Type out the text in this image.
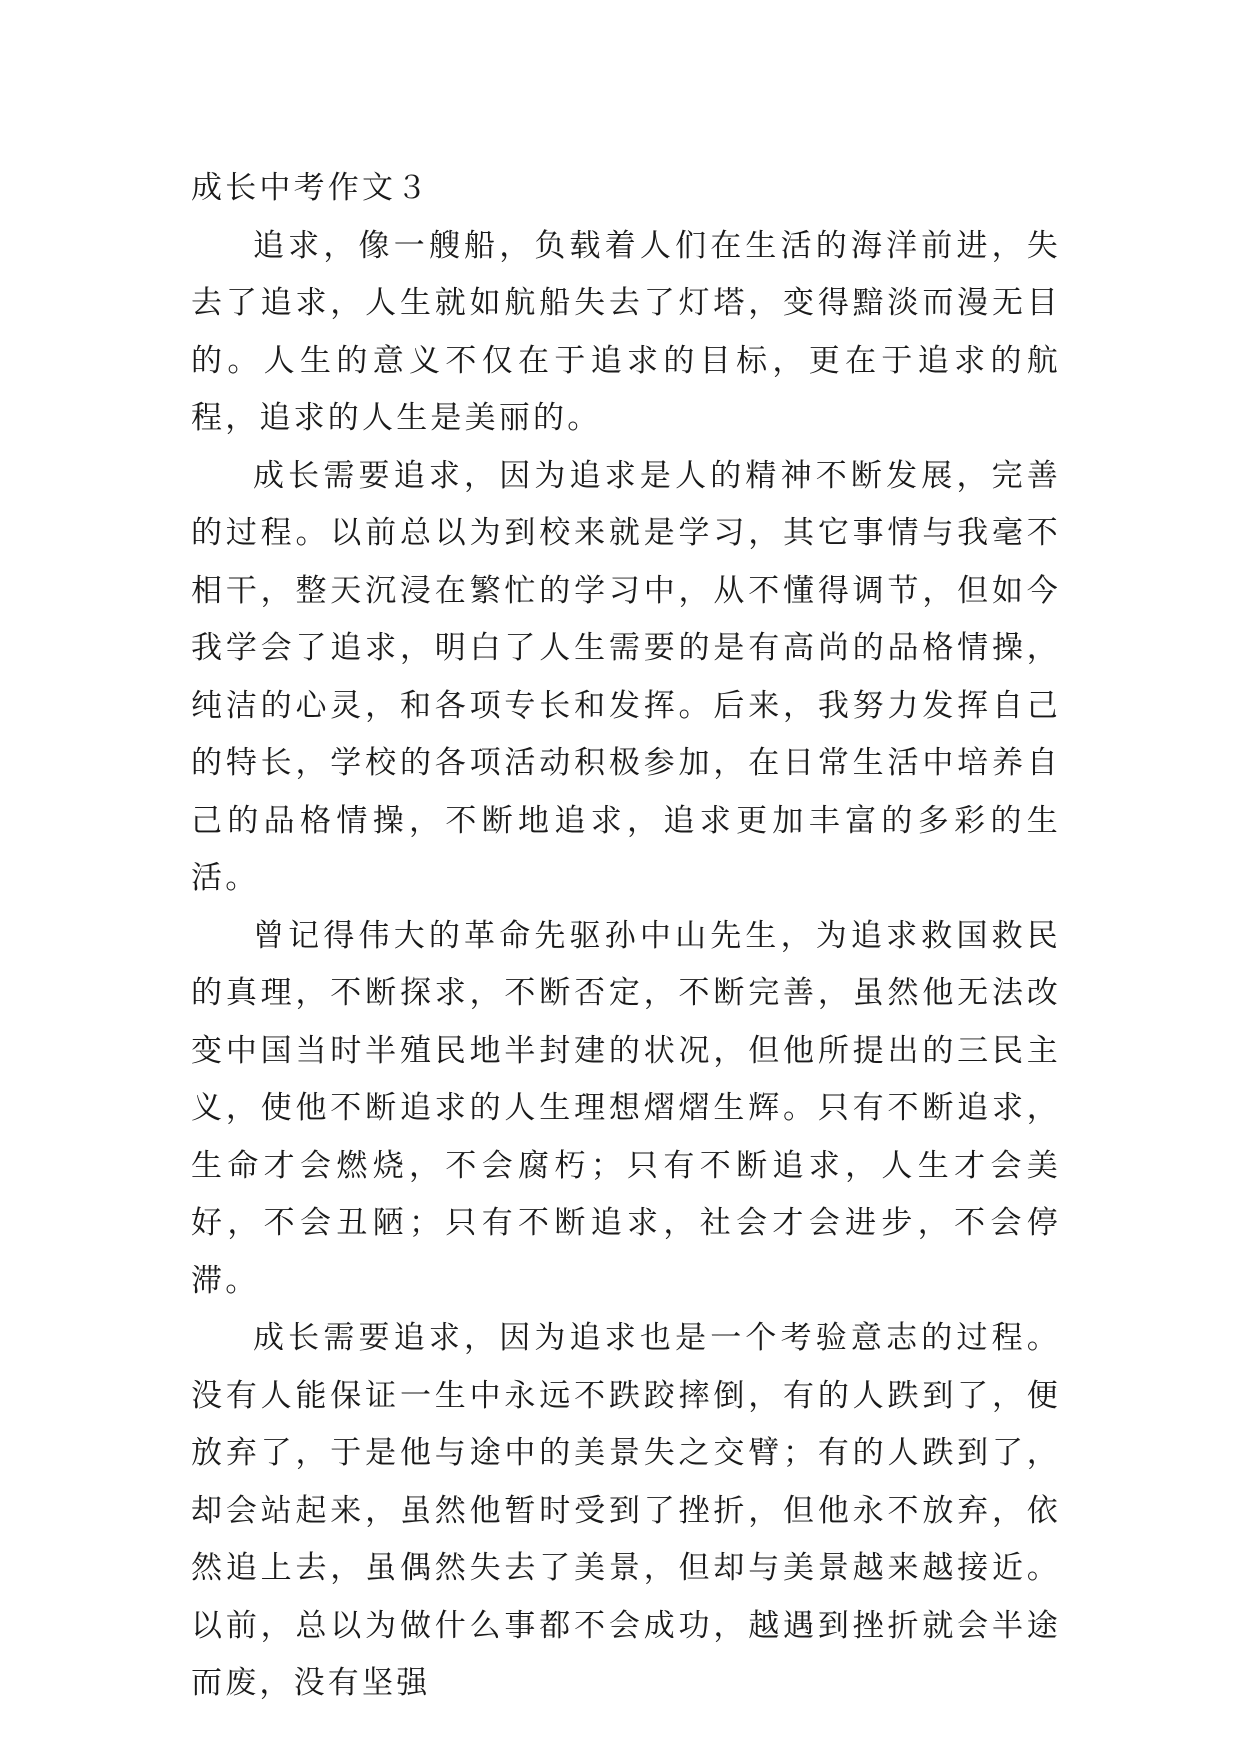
成长中考作文３

追求，像一艘船，负载着人们在生活的海洋前进，失去了追求，人生就如航船失去了灯塔，变得黯淡而漫无目的。人生的意义不仅在于追求的目标，更在于追求的航程，追求的人生是美丽的。

成长需要追求，因为追求是人的精神不断发展，完善的过程。以前总以为到校来就是学习，其它事情与我毫不相干，整天沉浸在繁忙的学习中，从不懂得调节，但如今我学会了追求，明白了人生需要的是有高尚的品格情操，纯洁的心灵，和各项专长和发挥。后来，我努力发挥自己的特长，学校的各项活动积极参加，在日常生活中培养自己的品格情操，不断地追求，追求更加丰富的多彩的生活。

曾记得伟大的革命先驱孙中山先生，为追求救国救民的真理，不断探求，不断否定，不断完善，虽然他无法改变中国当时半殖民地半封建的状况，但他所提出的三民主义，使他不断追求的人生理想熠熠生辉。只有不断追求，生命才会燃烧，不会腐朽；只有不断追求，人生才会美好，不会丑陋；只有不断追求，社会才会进步，不会停滞。

成长需要追求，因为追求也是一个考验意志的过程。没有人能保证一生中永远不跌跤摔倒，有的人跌到了，便放弃了，于是他与途中的美景失之交臂；有的人跌到了，却会站起来，虽然他暂时受到了挫折，但他永不放弃，依然追上去，虽偶然失去了美景，但却与美景越来越接近。以前，总以为做什么事都不会成功，越遇到挫折就会半途而废，没有坚强
